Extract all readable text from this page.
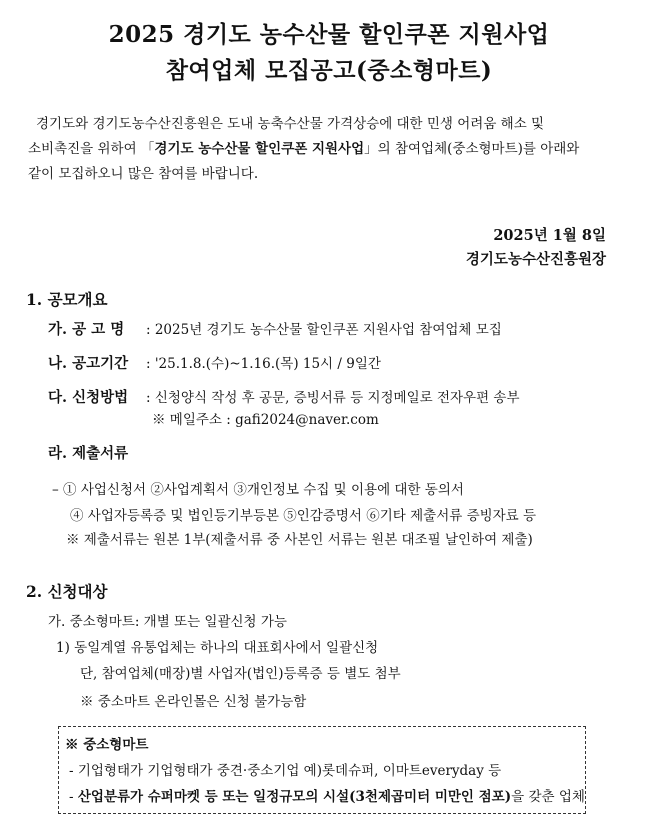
2025 경기도 농수산물 할인쿠폰 지원사업
참여업체 모집공고(중소형마트)

경기도와 경기도농수산진흥원은 도내 농축수산물 가격상승에 대한 민생 어려움 해소 및

소비촉진을 위하여 「경기도 농수산물 할인쿠폰 지원사업」의 참여업체(중소형마트)를 아래와

같이 모집하오니 많은 참여를 바랍니다.

2025년 1월 8일
경기도농수산진흥원장
1. 공모개요
가. 공 고 명 : 2025년 경기도 농수산물 할인쿠폰 지원사업 참여업체 모집
나. 공고기간 : '25.1.8.(수)~1.16.(목) 15시 / 9일간
다. 신청방법 : 신청양식 작성 후 공문, 증빙서류 등 지정메일로 전자우편 송부
※ 메일주소 : gafi2024@naver.com
라. 제출서류
– ① 사업신청서 ②사업계획서 ③개인정보 수집 및 이용에 대한 동의서
④ 사업자등록증 및 법인등기부등본 ⑤인감증명서 ⑥기타 제출서류 증빙자료 등
※ 제출서류는 원본 1부(제출서류 중 사본인 서류는 원본 대조필 날인하여 제출)
2. 신청대상
가. 중소형마트: 개별 또는 일괄신청 가능
1) 동일계열 유통업체는 하나의 대표회사에서 일괄신청
단, 참여업체(매장)별 사업자(법인)등록증 등 별도 첨부
※ 중소마트 온라인몰은 신청 불가능함
※ 중소형마트
- 기업형태가 기업형태가 중견·중소기업 예)롯데슈퍼, 이마트everyday 등
- 산업분류가 슈퍼마켓 등 또는 일정규모의 시설(3천제곱미터 미만인 점포)을 갖춘 업체
